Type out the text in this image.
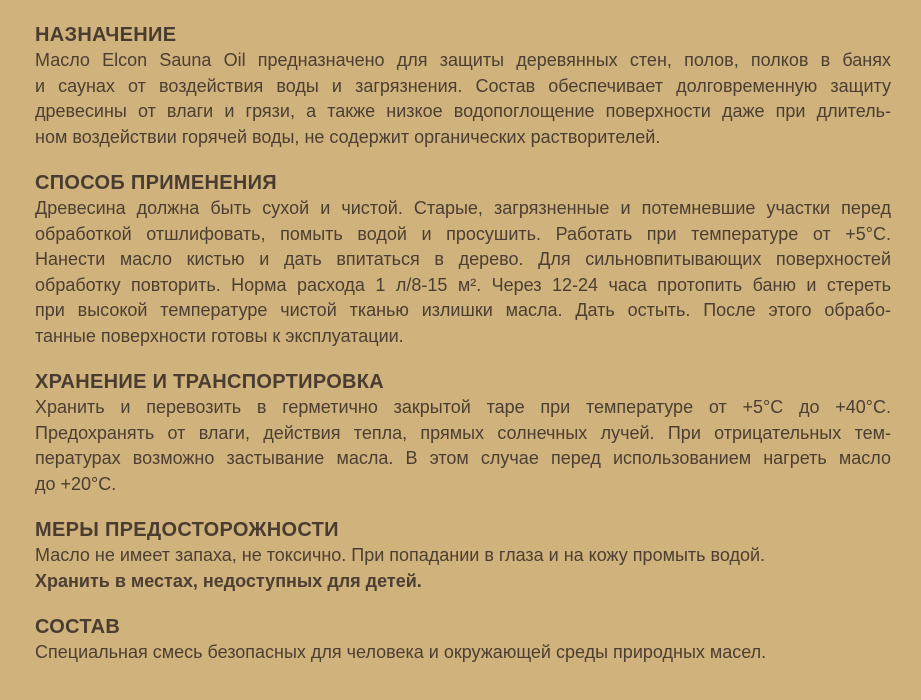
НАЗНАЧЕНИЕ

Масло Elcon Sauna Oil предназначено для защиты деревянных стен, полов, полков в банях

и саунах от воздействия воды и загрязнения. Состав обеспечивает долговременную защиту

древесины от влаги и грязи, а также низкое водопоглощение поверхности даже при длитель-

ном воздействии горячей воды, не содержит органических растворителей.

СПОСОБ ПРИМЕНЕНИЯ

Древесина должна быть сухой и чистой. Старые, загрязненные и потемневшие участки перед

обработкой отшлифовать, помыть водой и просушить. Работать при температуре от +5°С.

Нанести масло кистью и дать впитаться в дерево. Для сильновпитывающих поверхностей

обработку повторить. Норма расхода 1 л/8-15 м². Через 12-24 часа протопить баню и стереть

при высокой температуре чистой тканью излишки масла. Дать остыть. После этого обрабо-

танные поверхности готовы к эксплуатации.

ХРАНЕНИЕ И ТРАНСПОРТИРОВКА

Хранить и перевозить в герметично закрытой таре при температуре от +5°С до +40°С.

Предохранять от влаги, действия тепла, прямых солнечных лучей. При отрицательных тем-

пературах возможно застывание масла. В этом случае перед использованием нагреть масло

до +20°С.

МЕРЫ ПРЕДОСТОРОЖНОСТИ

Масло не имеет запаха, не токсично. При попадании в глаза и на кожу промыть водой.

Хранить в местах, недоступных для детей.

СОСТАВ

Специальная смесь безопасных для человека и окружающей среды природных масел.
